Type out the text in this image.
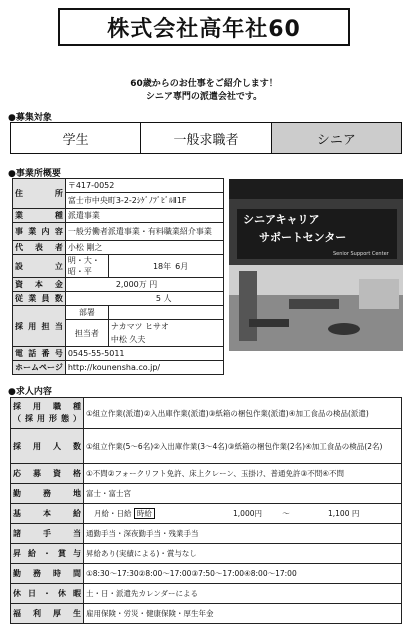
株式会社高年社60
60歳からのお仕事をご紹介します！
シニア専門の派遣会社です。
●募集対象
学生	一般求職者	シニア
●事業所概要
住所	〒417-0052		
	富士市中央町3-2-2ｼｹﾞﾉﾌﾞﾋﾞﾙⅡ1F		
業種	派遣事業		
事業内容	一般労働者派遣事業・有料職業紹介事業		
代表者	小松 剛之		
設立	明・大・昭・平	18年	6月
資本金	2,000万 円		
従業員数	5 人		
採用担当	部署		
	担当者	ナカマツ ヒサオ	
		中松 久夫	
電話番号	0545-55-5011		
ホームページ	http://kounensha.co.jp/		
シニアキャリア
サポートセンター
Senior Support Center
●求人内容
採用職種
（採用形態）	①組立作業(派遣)②入出庫作業(派遣)③紙箱の梱包作業(派遣)④加工食品の検品(派遣)			
採用人数	①組立作業(5～6名)②入出庫作業(3～4名)③紙箱の梱包作業(2名)④加工食品の検品(2名)			
応募資格	①不問②フォークリフト免許、床上クレーン、玉掛け、普通免許③不問④不問			
勤務地	富士・富士宮			
基本給	月給・日給 時給	1,000円	～	1,100 円
諸手当	通勤手当・深夜勤手当・残業手当			
昇給・賞与	昇給あり(実績による)・賞与なし			
勤務時間	①8:30～17:30②8:00～17:00③7:50～17:00④8:00～17:00			
休日・休暇	土・日・派遣先カレンダーによる			
福利厚生	雇用保険・労災・健康保険・厚生年金			
